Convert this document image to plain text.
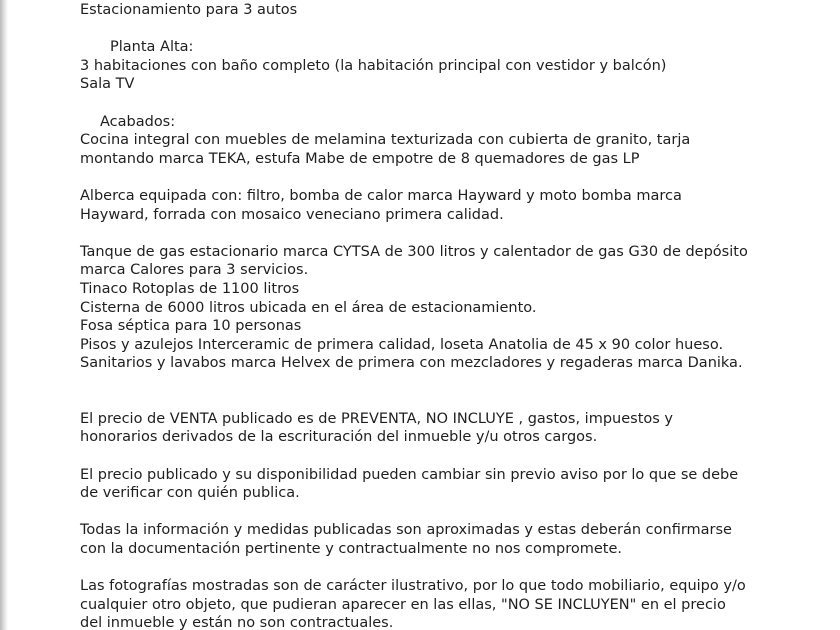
Estacionamiento para 3 autos

Planta Alta:

3 habitaciones con baño completo (la habitación principal con vestidor y balcón)

Sala TV

Acabados:

Cocina integral con muebles de melamina texturizada con cubierta de granito, tarja

montando marca TEKA, estufa Mabe de empotre de 8 quemadores de gas LP

Alberca equipada con: filtro, bomba de calor marca Hayward y moto bomba marca

Hayward, forrada con mosaico veneciano primera calidad.

Tanque de gas estacionario marca CYTSA de 300 litros y calentador de gas G30 de depósito

marca Calores para 3 servicios.

Tinaco Rotoplas de 1100 litros

Cisterna de 6000 litros ubicada en el área de estacionamiento.

Fosa séptica para 10 personas

Pisos y azulejos Interceramic de primera calidad, loseta Anatolia de 45 x 90 color hueso.

Sanitarios y lavabos marca Helvex de primera con mezcladores y regaderas marca Danika.

El precio de VENTA publicado es de PREVENTA, NO INCLUYE , gastos, impuestos y

honorarios derivados de la escrituración del inmueble y/u otros cargos.

El precio publicado y su disponibilidad pueden cambiar sin previo aviso por lo que se debe

de verificar con quién publica.

Todas la información y medidas publicadas son aproximadas y estas deberán confirmarse

con la documentación pertinente y contractualmente no nos compromete.

Las fotografías mostradas son de carácter ilustrativo, por lo que todo mobiliario, equipo y/o

cualquier otro objeto, que pudieran aparecer en las ellas, "NO SE INCLUYEN" en el precio

del inmueble y están no son contractuales.
